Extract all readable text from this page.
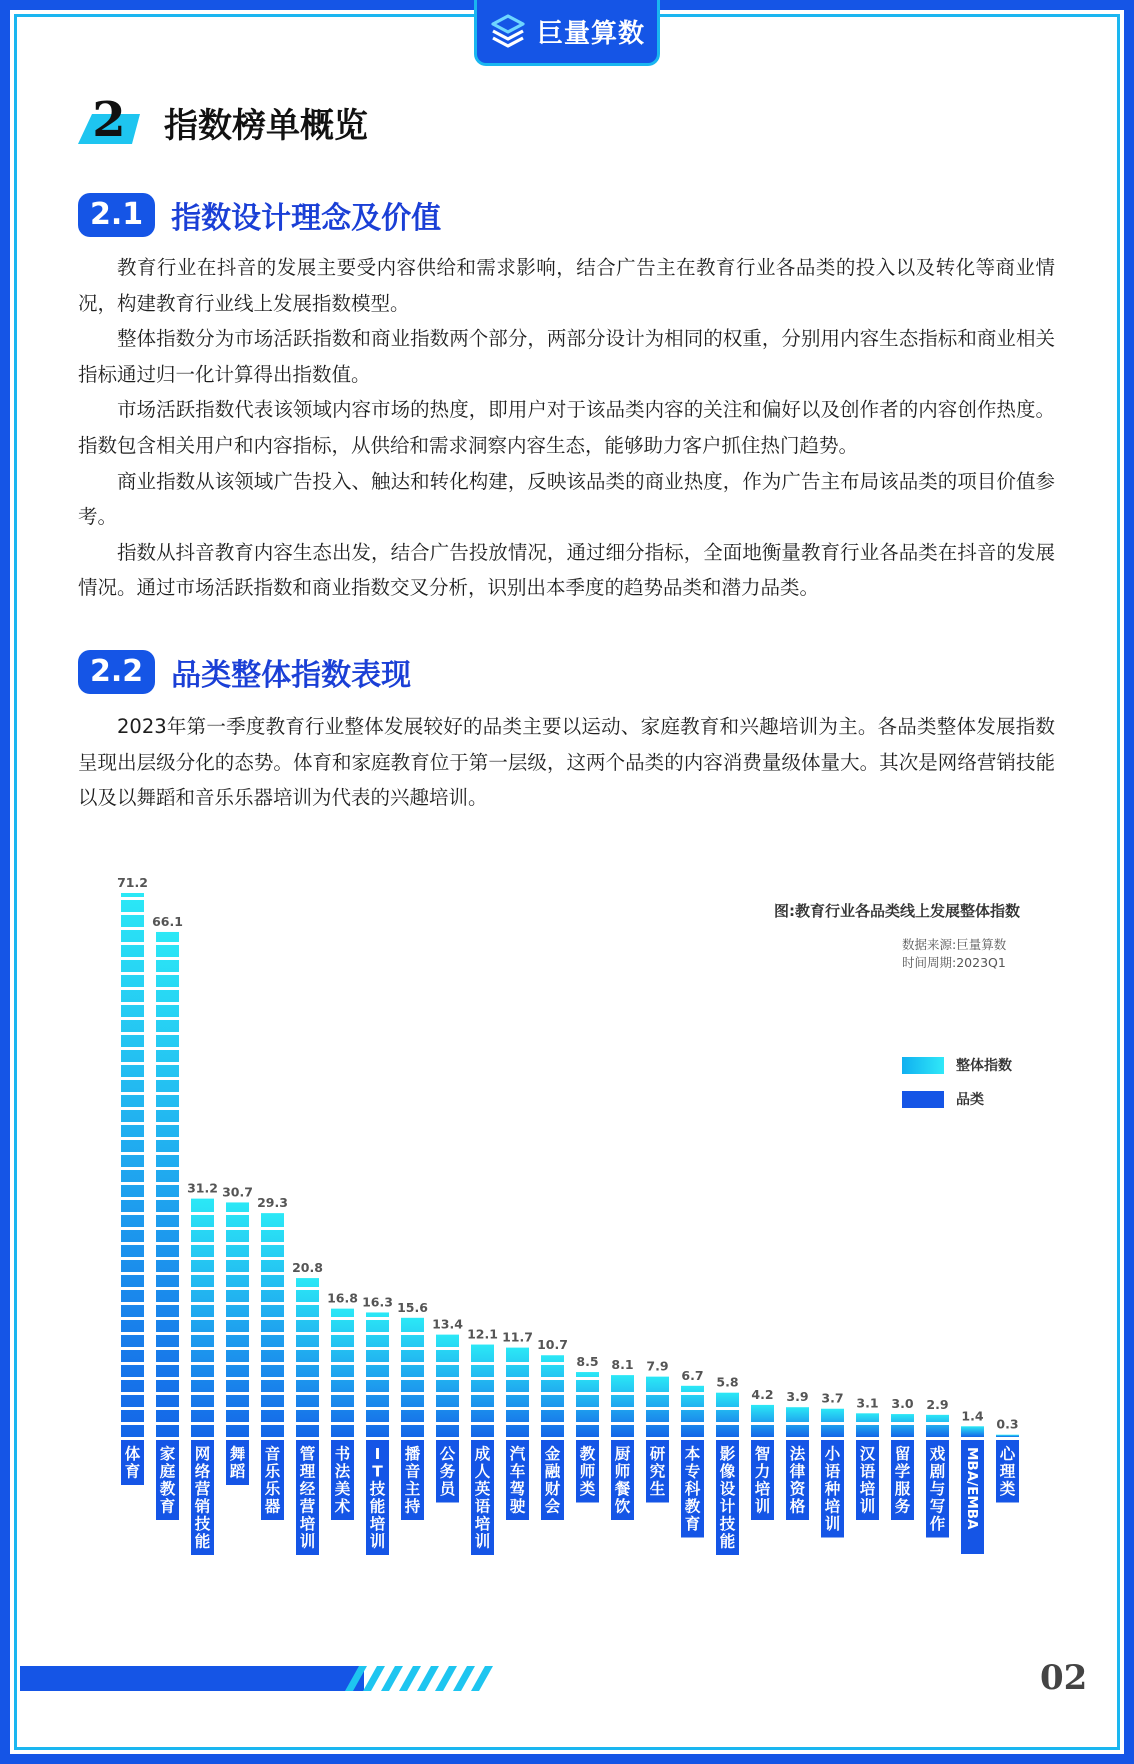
巨量算数
2 指数榜单概览
2.1 指数设计理念及价值

教育行业在抖音的发展主要受内容供给和需求影响，结合广告主在教育行业各品类的投入以及转化等商业情况，构建教育行业线上发展指数模型。

整体指数分为市场活跃指数和商业指数两个部分，两部分设计为相同的权重，分别用内容生态指标和商业相关指标通过归一化计算得出指数值。

市场活跃指数代表该领域内容市场的热度，即用户对于该品类内容的关注和偏好以及创作者的内容创作热度。指数包含相关用户和内容指标，从供给和需求洞察内容生态，能够助力客户抓住热门趋势。

商业指数从该领域广告投入、触达和转化构建，反映该品类的商业热度，作为广告主布局该品类的项目价值参考。

指数从抖音教育内容生态出发，结合广告投放情况，通过细分指标，全面地衡量教育行业各品类在抖音的发展情况。通过市场活跃指数和商业指数交叉分析，识别出本季度的趋势品类和潜力品类。

2.2 品类整体指数表现

2023年第一季度教育行业整体发展较好的品类主要以运动、家庭教育和兴趣培训为主。各品类整体发展指数呈现出层级分化的态势。体育和家庭教育位于第一层级，这两个品类的内容消费量级体量大。其次是网络营销技能以及以舞蹈和音乐乐器培训为代表的兴趣培训。

71.2
体育
66.1
家庭教育
31.2
网络营销技能
30.7
舞蹈
29.3
音乐乐器
20.8
管理经营培训
16.8
书法美术
16.3
I T 技能培训
15.6
播音主持
13.4
公务员
12.1
成人英语培训
11.7
汽车驾驶
10.7
金融财会
8.5
教师类
8.1
厨师餐饮
7.9
研究生
6.7
本专科教育
5.8
影像设计技能
4.2
智力培训
3.9
法律资格
3.7
小语种培训
3.1
汉语培训
3.0
留学服务
2.9
戏剧与写作
1.4
MBA/EMBA
0.3
心理类
图:教育行业各品类线上发展整体指数
数据来源:巨量算数
时间周期:2023Q1
整体指数
品类
02
